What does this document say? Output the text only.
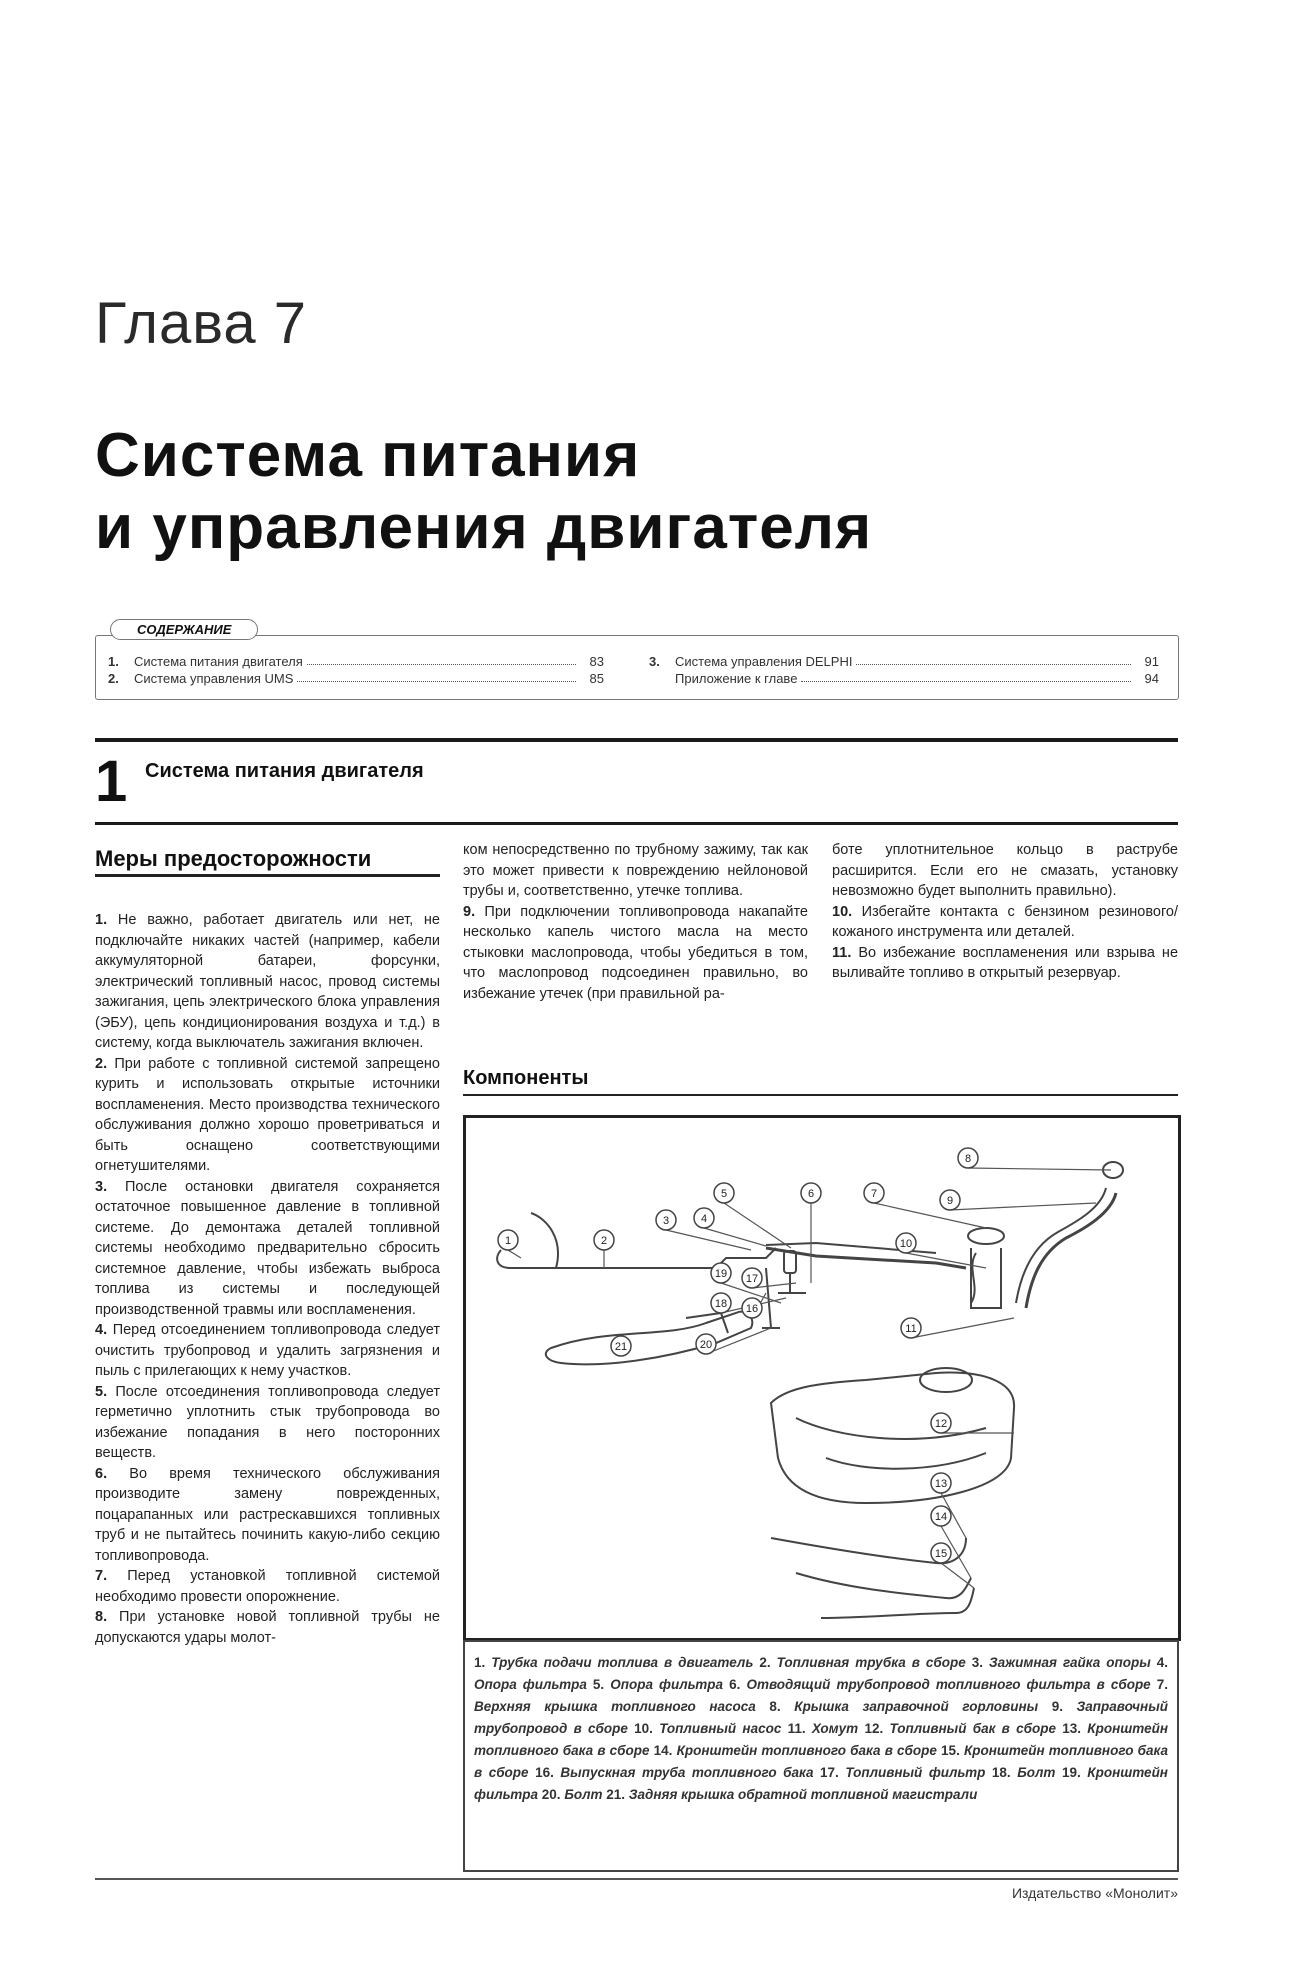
Глава 7
Система питания
и управления двигателя
1.	Система питания двигателя	83
2.	Система управления UMS	85
3.	Система управления DELPHI	91
Приложение к главе	94
СОДЕРЖАНИЕ
1 Система питания двигателя
Меры предосторожности

1. Не важно, работает двигатель или нет, не подключайте никаких частей (например, кабели аккумуляторной батареи, форсунки, электрический топливный насос, провод системы зажигания, цепь электрического блока управления (ЭБУ), цепь кондиционирования воздуха и т.д.) в систему, когда выключатель зажигания включен.

2. При работе с топливной системой запрещено курить и использовать открытые источники воспламенения. Место производства технического обслуживания должно хорошо проветриваться и быть оснащено соответствующими огнетушителями.

3. После остановки двигателя сохраняется остаточное повышенное давление в топливной системе. До демонтажа деталей топливной системы необходимо предварительно сбросить системное давление, чтобы избежать выброса топлива из системы и последующей производственной травмы или воспламенения.

4. Перед отсоединением топливопровода следует очистить трубопровод и удалить загрязнения и пыль с прилегающих к нему участков.

5. После отсоединения топливопровода следует герметично уплотнить стык трубопровода во избежание попадания в него посторонних веществ.

6. Во время технического обслуживания производите замену поврежденных, поцарапанных или растрескавшихся топливных труб и не пытайтесь починить какую-либо секцию топливопровода.

7. Перед установкой топливной системой необходимо провести опорожнение.

8. При установке новой топливной трубы не допускаются удары молот-

ком непосредственно по трубному зажиму, так как это может привести к повреждению нейлоновой трубы и, соответственно, утечке топлива.

9. При подключении топливопровода накапайте несколько капель чистого масла на место стыковки маслопровода, чтобы убедиться в том, что маслопровод подсоединен правильно, во избежание утечек (при правильной ра-

боте уплотнительное кольцо в раструбе расширится. Если его не смазать, установку невозможно будет выполнить правильно).

10. Избегайте контакта с бензином резинового/кожаного инструмента или деталей.

11. Во избежание воспламенения или взрыва не выливайте топливо в открытый резервуар.

Компоненты
1	2
3	4
5	6	7
8
9
10
11
12
13
14
15
16
17
18
19
20
21
1. Трубка подачи топлива в двигатель 2. Топливная трубка в сборе 3. Зажимная гайка опоры 4. Опора фильтра 5. Опора фильтра 6. Отводящий трубопровод топливного фильтра в сборе 7. Верхняя крышка топливного насоса 8. Крышка заправочной горловины 9. Заправочный трубопровод в сборе 10. Топливный насос 11. Хомут 12. Топливный бак в сборе 13. Кронштейн топливного бака в сборе 14. Кронштейн топливного бака в сборе 15. Кронштейн топливного бака в сборе 16. Выпускная труба топливного бака 17. Топливный фильтр 18. Болт 19. Кронштейн фильтра 20. Болт 21. Задняя крышка обратной топливной магистрали
Издательство «Монолит»
